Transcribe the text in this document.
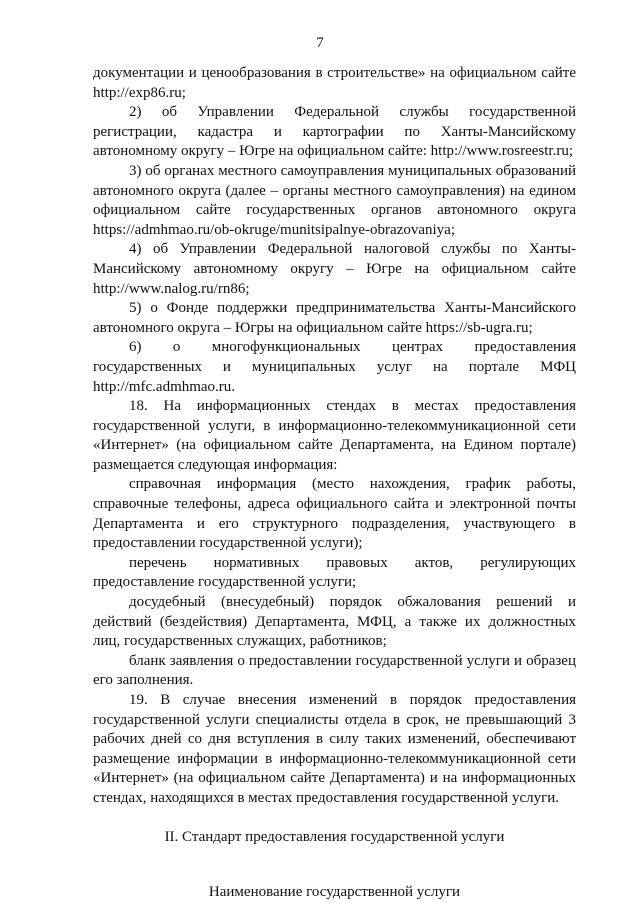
7

документации и ценообразования в строительстве» на официальном сайте http://exp86.ru;

2) об Управлении Федеральной службы государственной регистрации, кадастра и картографии по Ханты-Мансийскому автономному округу – Югре на официальном сайте: http://www.rosreestr.ru;

3) об органах местного самоуправления муниципальных образований автономного округа (далее – органы местного самоуправления) на едином официальном сайте государственных органов автономного округа https://admhmao.ru/ob-okruge/munitsipalnye-obrazovaniya;

4) об Управлении Федеральной налоговой службы по Ханты-Мансийскому автономному округу – Югре на официальном сайте http://www.nalog.ru/rn86;

5) о Фонде поддержки предпринимательства Ханты-Мансийского автономного округа – Югры на официальном сайте https://sb-ugra.ru;

6) о многофункциональных центрах предоставления государственных и муниципальных услуг на портале МФЦ http://mfc.admhmao.ru.

18. На информационных стендах в местах предоставления государственной услуги, в информационно-телекоммуникационной сети «Интернет» (на официальном сайте Департамента, на Едином портале) размещается следующая информация:

справочная информация (место нахождения, график работы, справочные телефоны, адреса официального сайта и электронной почты Департамента и его структурного подразделения, участвующего в предоставлении государственной услуги);

перечень нормативных правовых актов, регулирующих предоставление государственной услуги;

досудебный (внесудебный) порядок обжалования решений и действий (бездействия) Департамента, МФЦ, а также их должностных лиц, государственных служащих, работников;

бланк заявления о предоставлении государственной услуги и образец его заполнения.

19. В случае внесения изменений в порядок предоставления государственной услуги специалисты отдела в срок, не превышающий 3 рабочих дней со дня вступления в силу таких изменений, обеспечивают размещение информации в информационно-телекоммуникационной сети «Интернет» (на официальном сайте Департамента) и на информационных стендах, находящихся в местах предоставления государственной услуги.

II. Стандарт предоставления государственной услуги

Наименование государственной услуги
